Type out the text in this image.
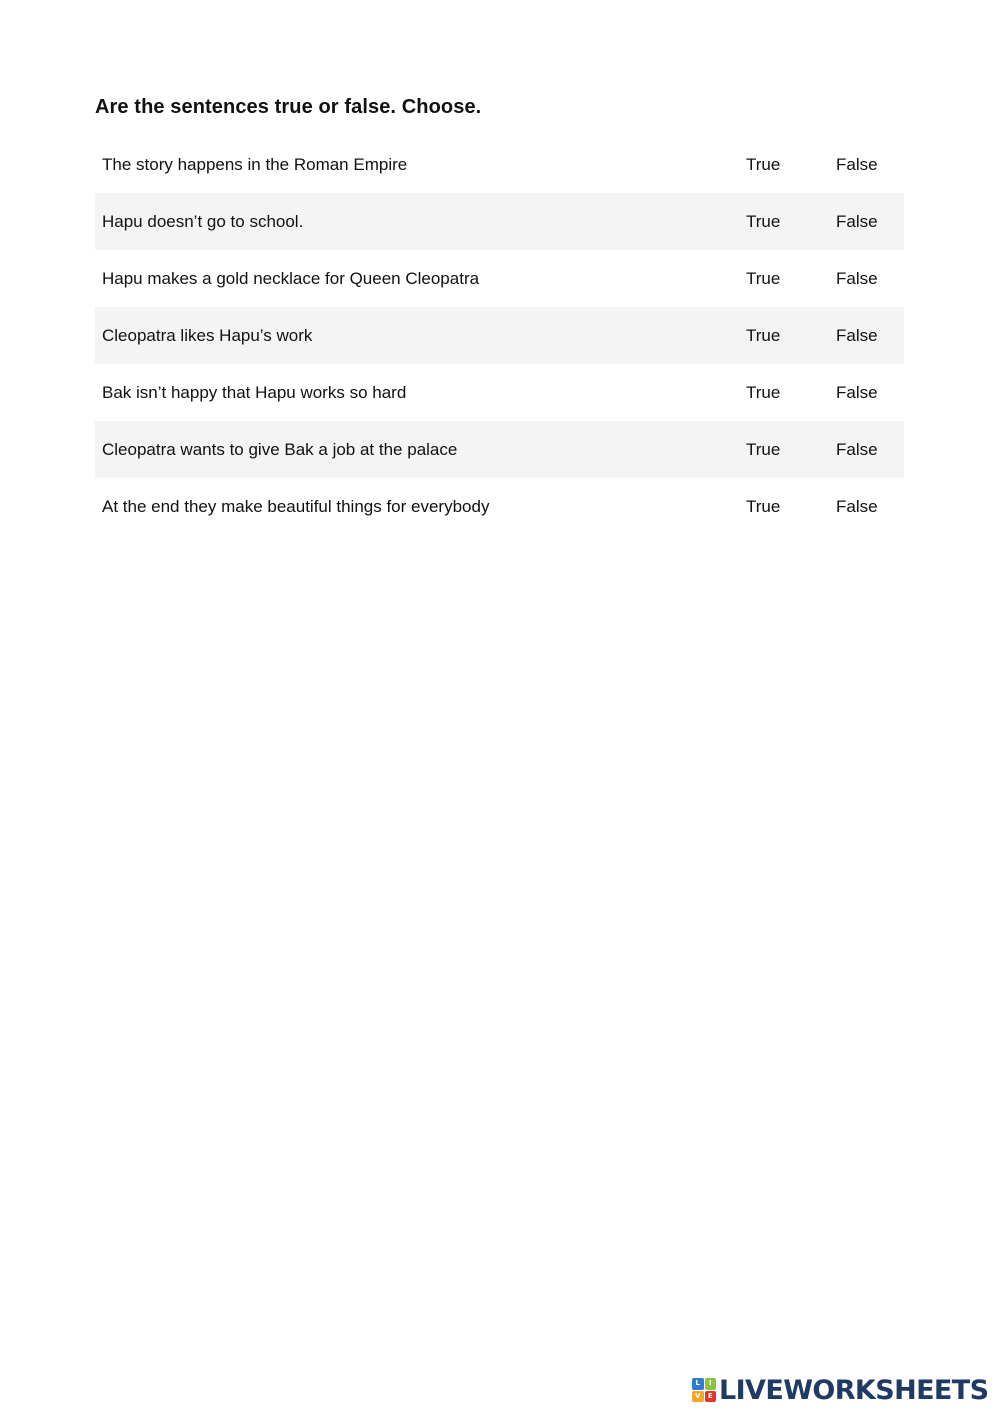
Are the sentences true or false. Choose.
The story happens in the Roman Empire	True	False
Hapu doesn’t go to school.	True	False
Hapu makes a gold necklace for Queen Cleopatra	True	False
Cleopatra likes Hapu’s work	True	False
Bak isn’t happy that Hapu works so hard	True	False
Cleopatra wants to give Bak a job at the palace	True	False
At the end they make beautiful things for everybody	True	False
L	I
V	E LIVEWORKSHEETS
